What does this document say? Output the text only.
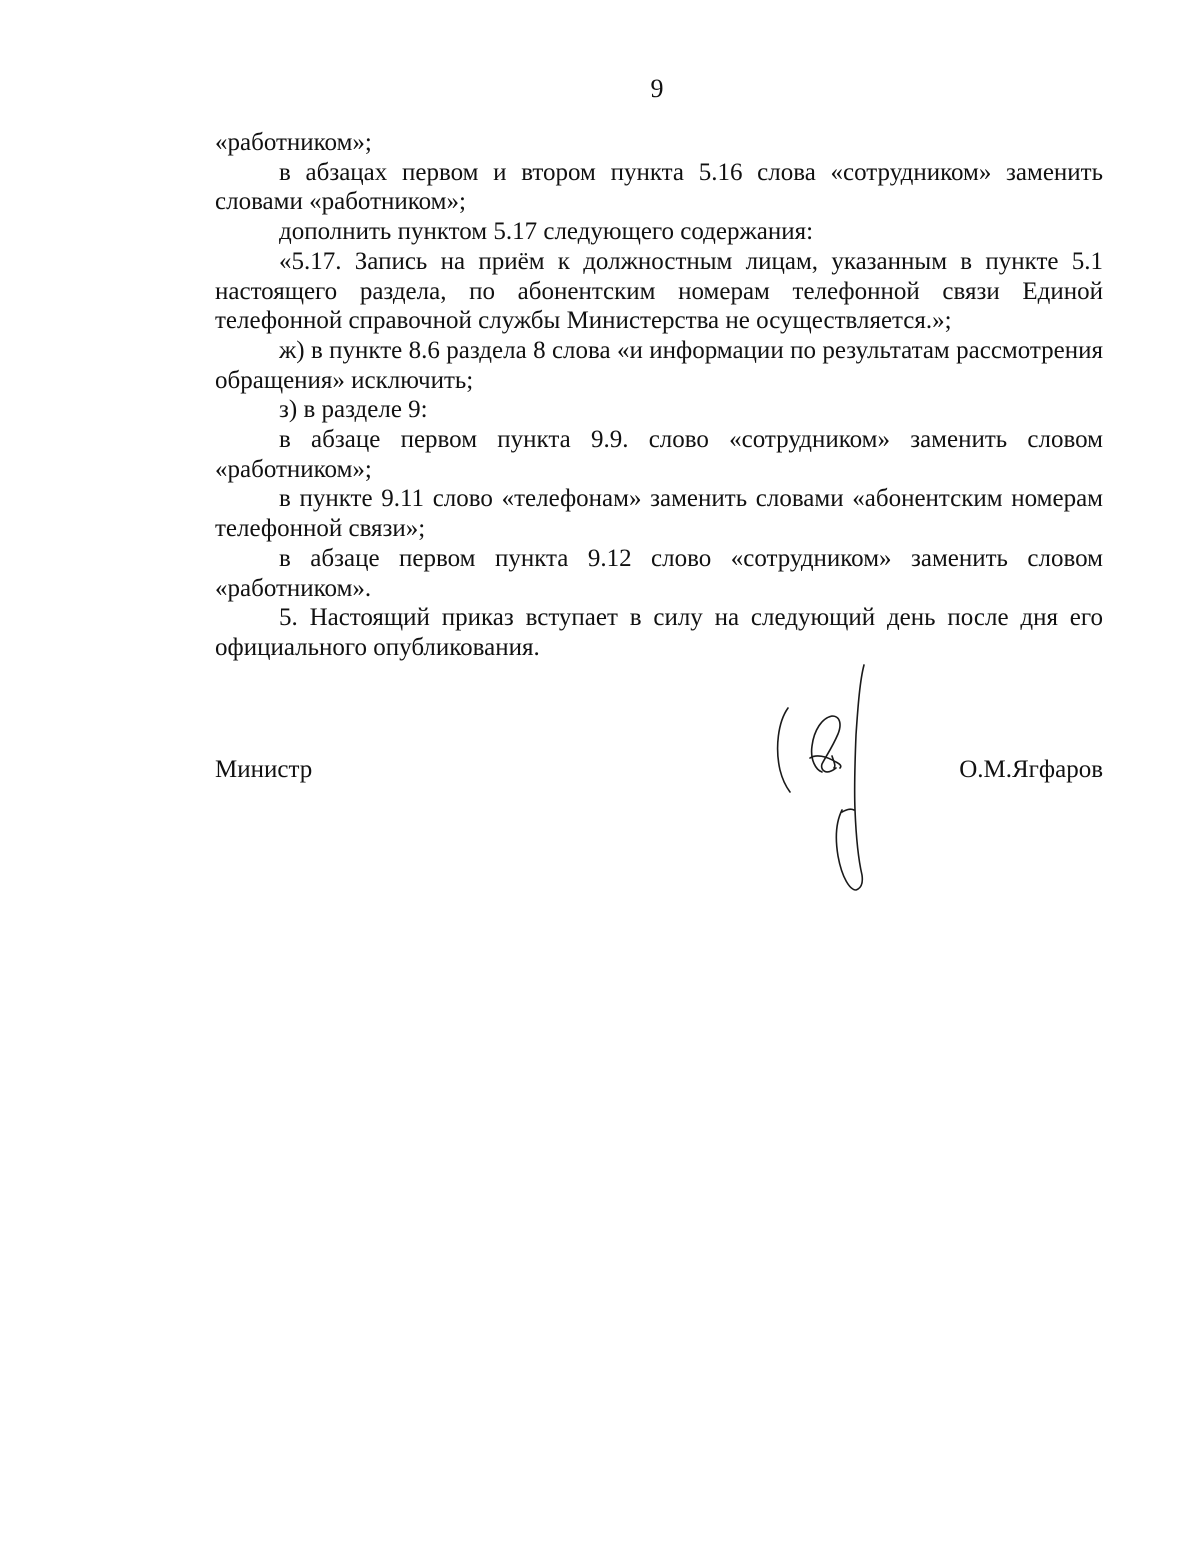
9

«работником»;

в абзацах первом и втором пункта 5.16 слова «сотрудником» заменить словами «работником»;

дополнить пунктом 5.17 следующего содержания:

«5.17. Запись на приём к должностным лицам, указанным в пункте 5.1 настоящего раздела, по абонентским номерам телефонной связи Единой телефонной справочной службы Министерства не осуществляется.»;

ж) в пункте 8.6 раздела 8 слова «и информации по результатам рассмотрения обращения» исключить;

з) в разделе 9:

в абзаце первом пункта 9.9. слово «сотрудником» заменить словом «работником»;

в пункте 9.11 слово «телефонам» заменить словами «абонентским номерам телефонной связи»;

в абзаце первом пункта 9.12 слово «сотрудником» заменить словом «работником».

5. Настоящий приказ вступает в силу на следующий день после дня его официального опубликования.

Министр	О.М.Ягфаров
